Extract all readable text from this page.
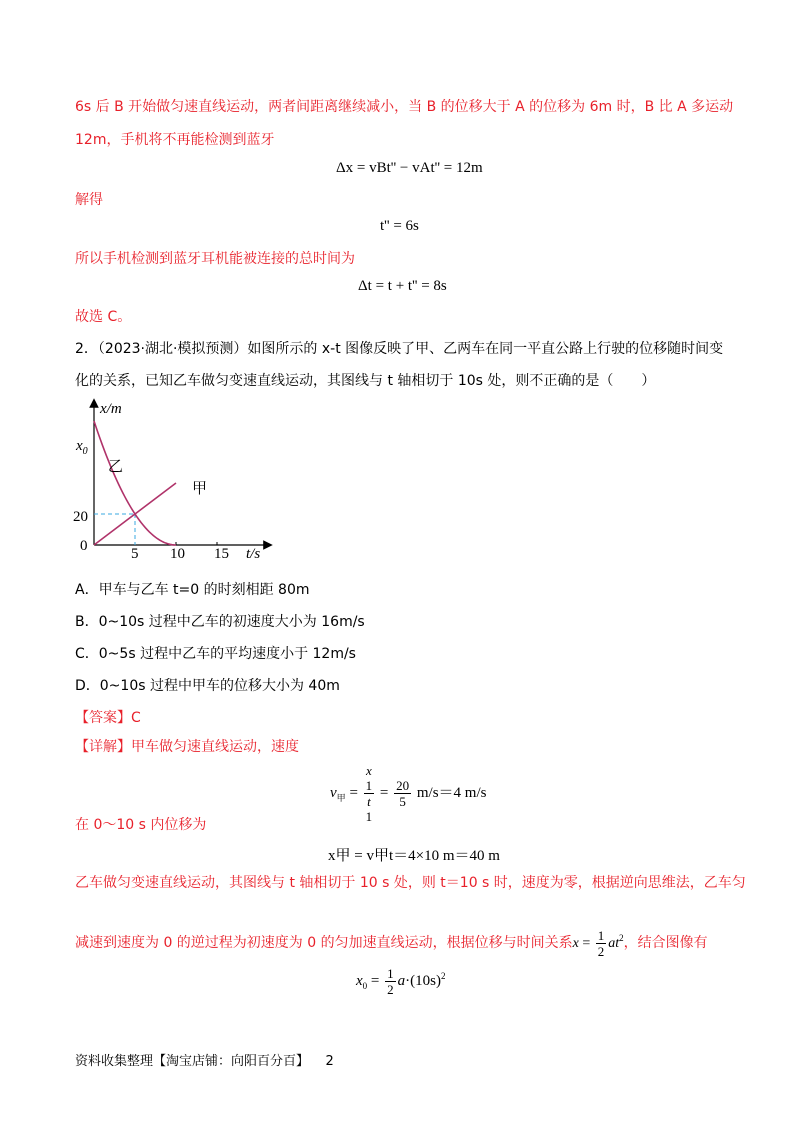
6s 后 B 开始做匀速直线运动，两者间距离继续减小，当 B 的位移大于 A 的位移为 6m 时，B 比 A 多运动
12m，手机将不再能检测到蓝牙
Δx = vBt'' − vAt'' = 12m
解得
t'' = 6s
所以手机检测到蓝牙耳机能被连接的总时间为
Δt = t + t'' = 8s
故选 C。
2．（2023·湖北·模拟预测）如图所示的 x-t 图像反映了甲、乙两车在同一平直公路上行驶的位移随时间变
化的关系，已知乙车做匀变速直线运动，其图线与 t 轴相切于 10s 处，则不正确的是（　　）
x/m
t/s
0
$x_0$
20
5 10 15
乙
甲
A．甲车与乙车 t=0 的时刻相距 80m
B．0~10s 过程中乙车的初速度大小为 16m/s
C．0~5s 过程中乙车的平均速度小于 12m/s
D．0~10s 过程中甲车的位移大小为 40m
【答案】C
【详解】甲车做匀速直线运动，速度
$v_甲 = x$
1
t
$1 = \frac{20}{5} m/s=4$ m/s
在 0～10 s 内位移为
x甲 = v甲t＝4×10 m＝40 m
乙车做匀变速直线运动，其图线与 t 轴相切于 10 s 处，则 t＝10 s 时，速度为零，根据逆向思维法，乙车匀
减速到速度为 0 的逆过程为初速度为 0 的匀加速直线运动，根据位移与时间关系$x = \frac{1}{2} at^2$，结合图像有
$x_0 = \frac{1}{2} a\cdot(10s)^2$
资料收集整理【淘宝店铺：向阳百分百】 2
